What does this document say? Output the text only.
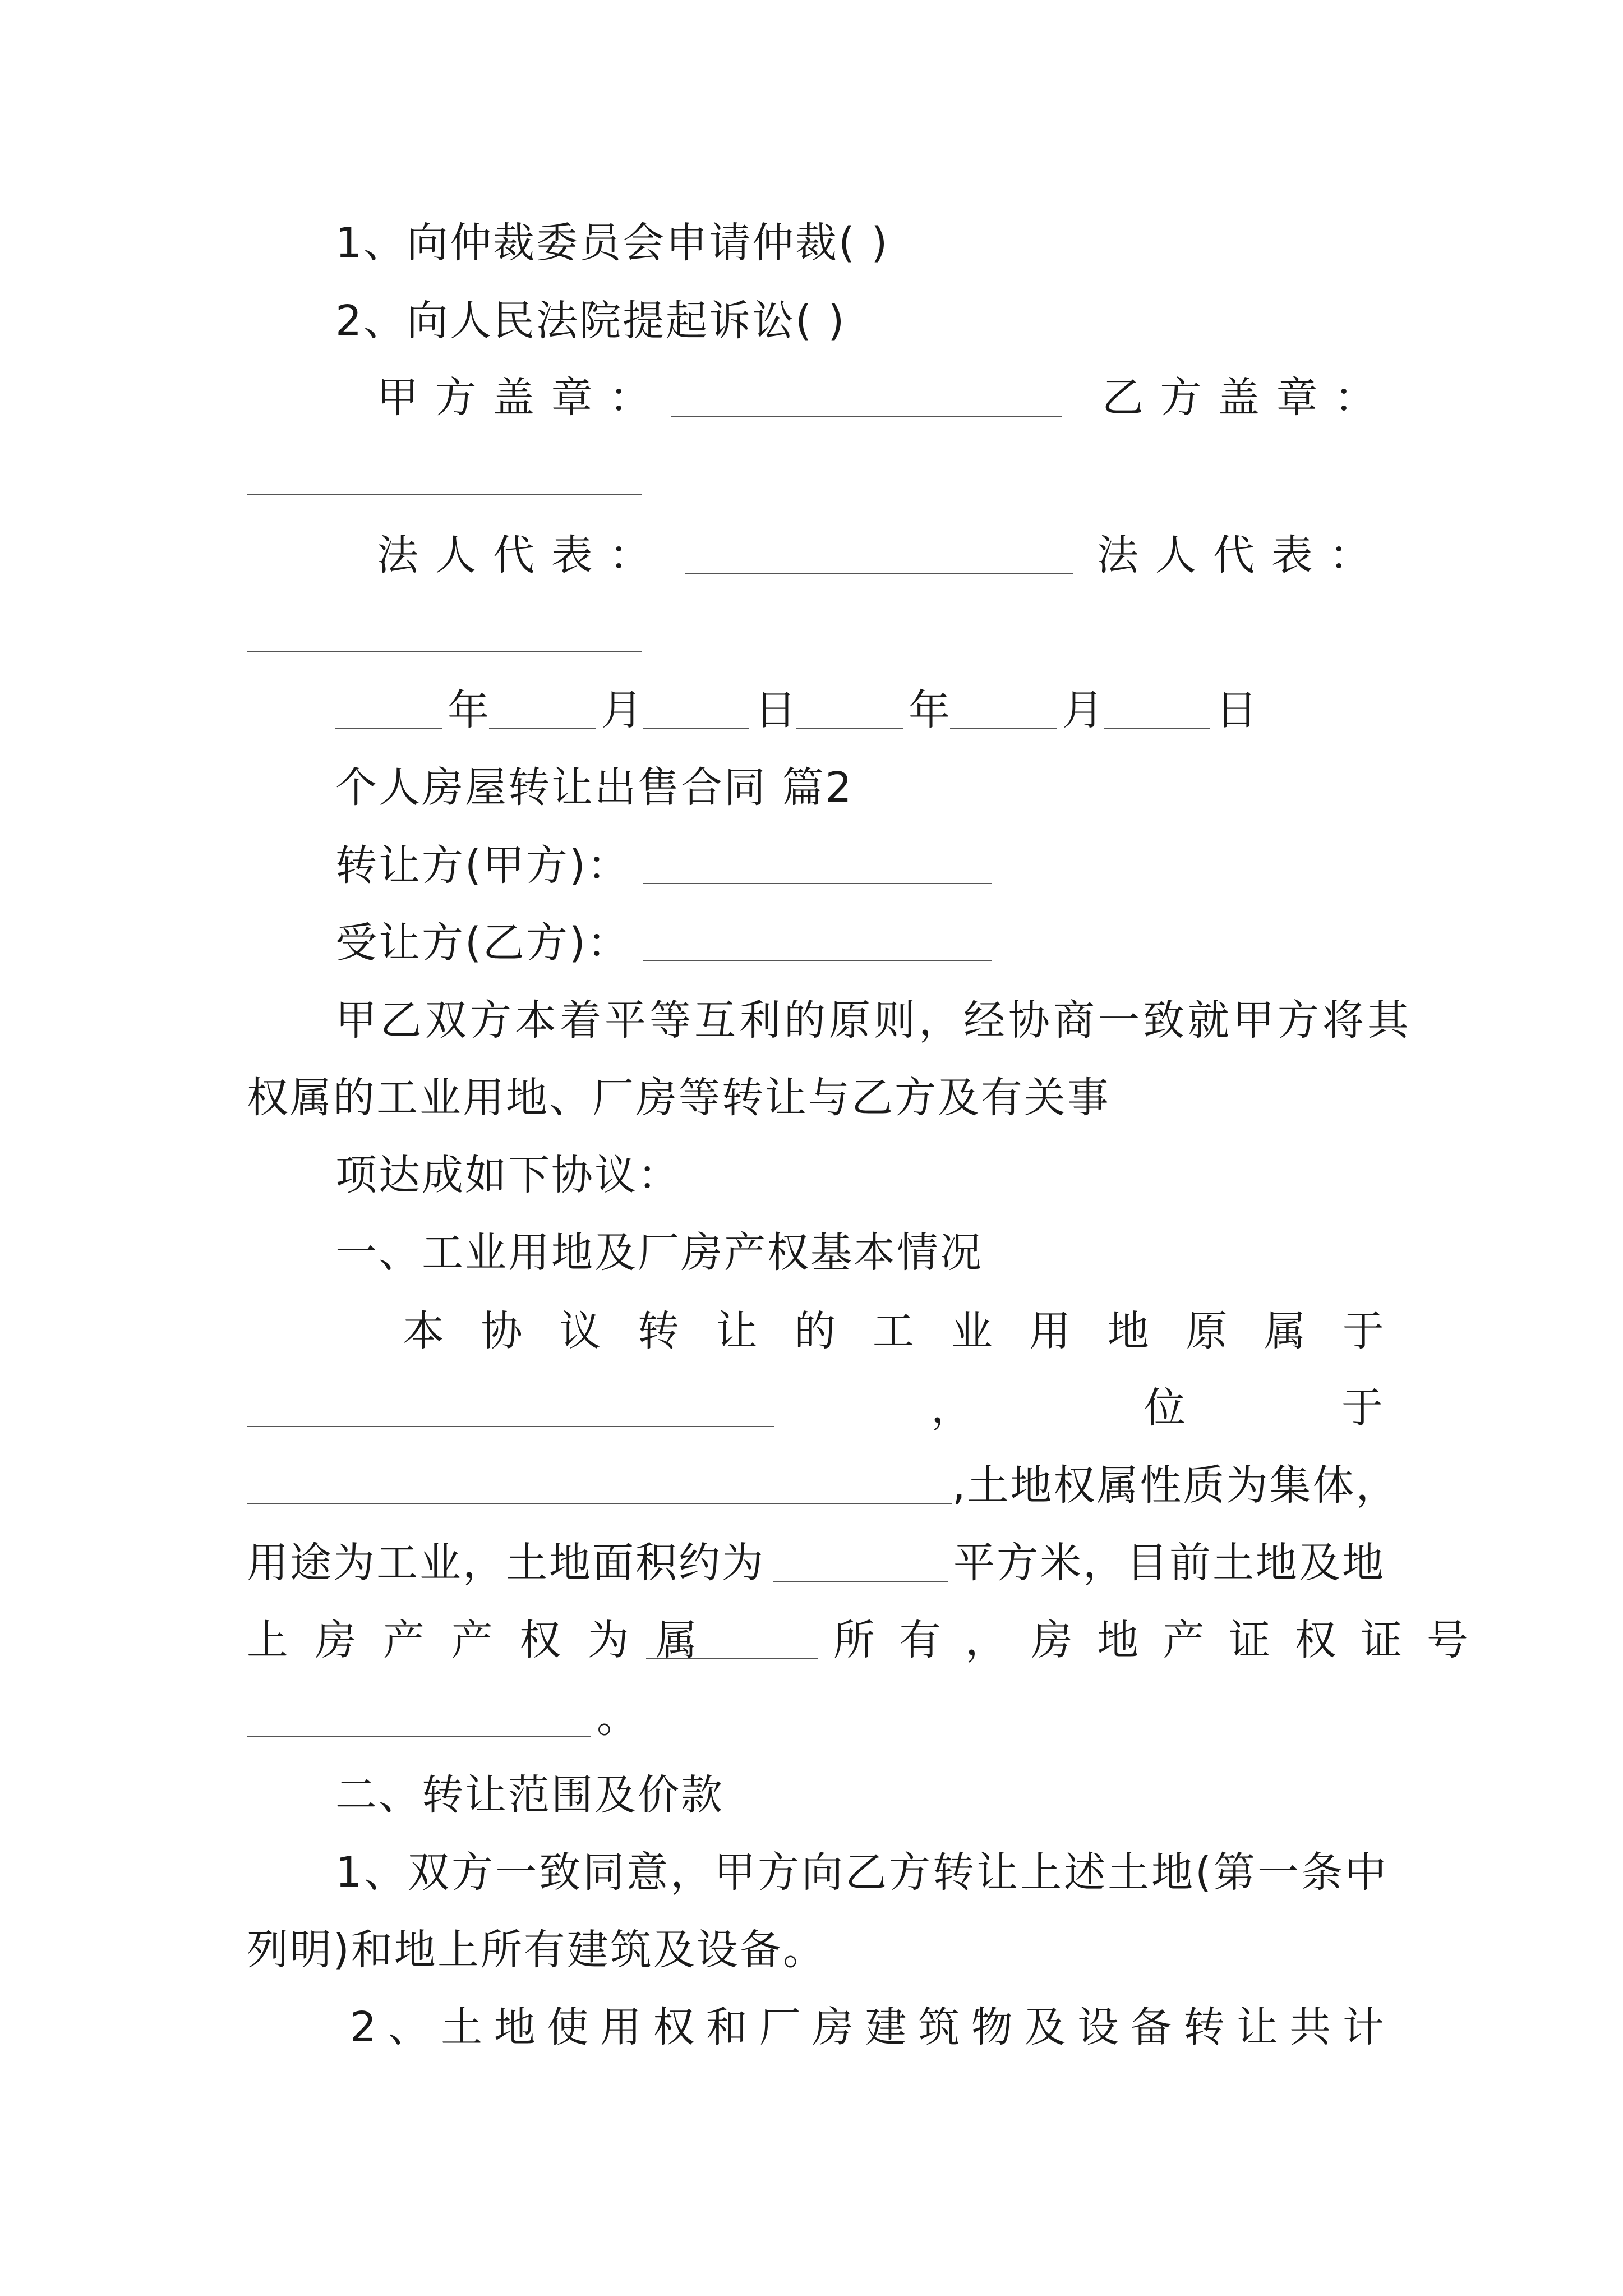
1、向仲裁委员会申请仲裁( )
2、向人民法院提起诉讼( )
甲 方 盖 章 ：	乙 方 盖 章 ：
法 人 代 表 ：	法 人 代 表 ：
年	月	日	年	月	日
个人房屋转让出售合同 篇2
转让方(甲方)：
受让方(乙方)：
甲乙双方本着平等互利的原则，经协商一致就甲方将其
权属的工业用地、厂房等转让与乙方及有关事
项达成如下协议：
一、工业用地及厂房产权基本情况
本 协 议 转 让 的 工 业 用 地 原 属 于
，	位	于
,土地权属性质为集体，
用途为工业，土地面积约为	平方米，目前土地及地
上 房 产 产 权 为 属	所 有 ， 房 地 产 证 权 证 号
。
二、转让范围及价款
1、双方一致同意，甲方向乙方转让上述土地(第一条中
列明)和地上所有建筑及设备。
2 、 土 地 使 用 权 和 厂 房 建 筑 物 及 设 备 转 让 共 计
